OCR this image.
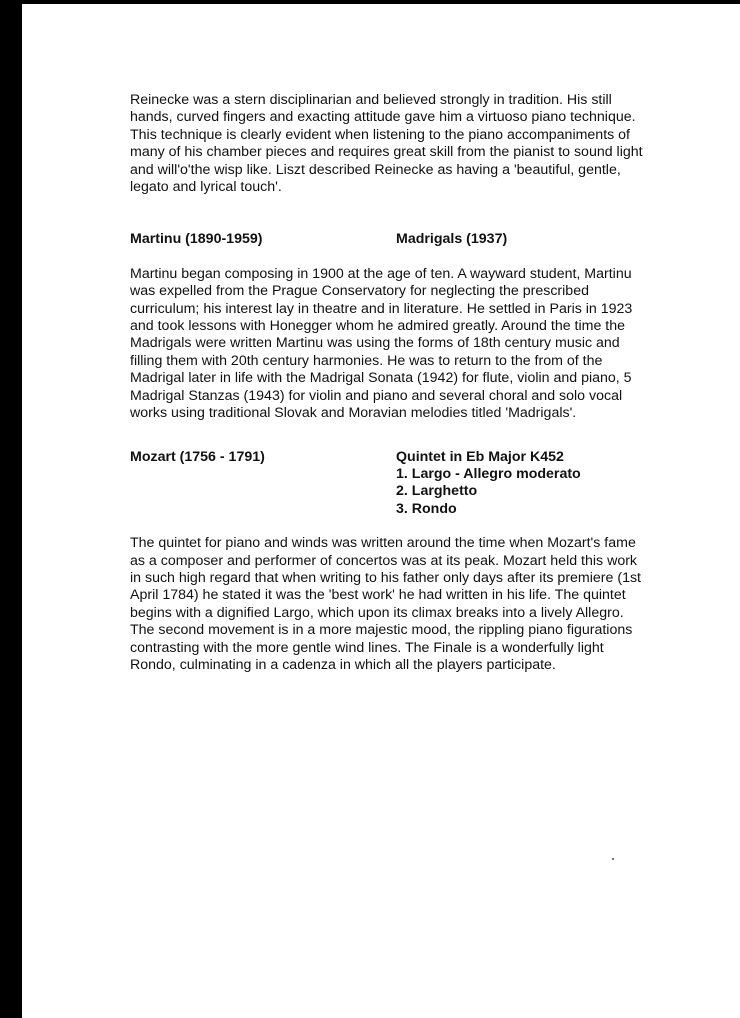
Reinecke was a stern disciplinarian and believed strongly in tradition. His still hands, curved fingers and exacting attitude gave him a virtuoso piano technique. This technique is clearly evident when listening to the piano accompaniments of many of his chamber pieces and requires great skill from the pianist to sound light and will'o'the wisp like. Liszt described Reinecke as having a 'beautiful, gentle, legato and lyrical touch'.

Martinu (1890-1959)	Madrigals (1937)

Martinu began composing in 1900 at the age of ten. A wayward student, Martinu was expelled from the Prague Conservatory for neglecting the prescribed curriculum; his interest lay in theatre and in literature. He settled in Paris in 1923 and took lessons with Honegger whom he admired greatly. Around the time the Madrigals were written Martinu was using the forms of 18th century music and filling them with 20th century harmonies. He was to return to the from of the Madrigal later in life with the Madrigal Sonata (1942) for flute, violin and piano, 5 Madrigal Stanzas (1943) for violin and piano and several choral and solo vocal works using traditional Slovak and Moravian melodies titled 'Madrigals'.

Mozart (1756 - 1791)	Quintet in Eb Major K452
1. Largo - Allegro moderato
2. Larghetto
3. Rondo

The quintet for piano and winds was written around the time when Mozart's fame as a composer and performer of concertos was at its peak. Mozart held this work in such high regard that when writing to his father only days after its premiere (1st April 1784) he stated it was the 'best work' he had written in his life. The quintet begins with a dignified Largo, which upon its climax breaks into a lively Allegro. The second movement is in a more majestic mood, the rippling piano figurations contrasting with the more gentle wind lines. The Finale is a wonderfully light Rondo, culminating in a cadenza in which all the players participate.
